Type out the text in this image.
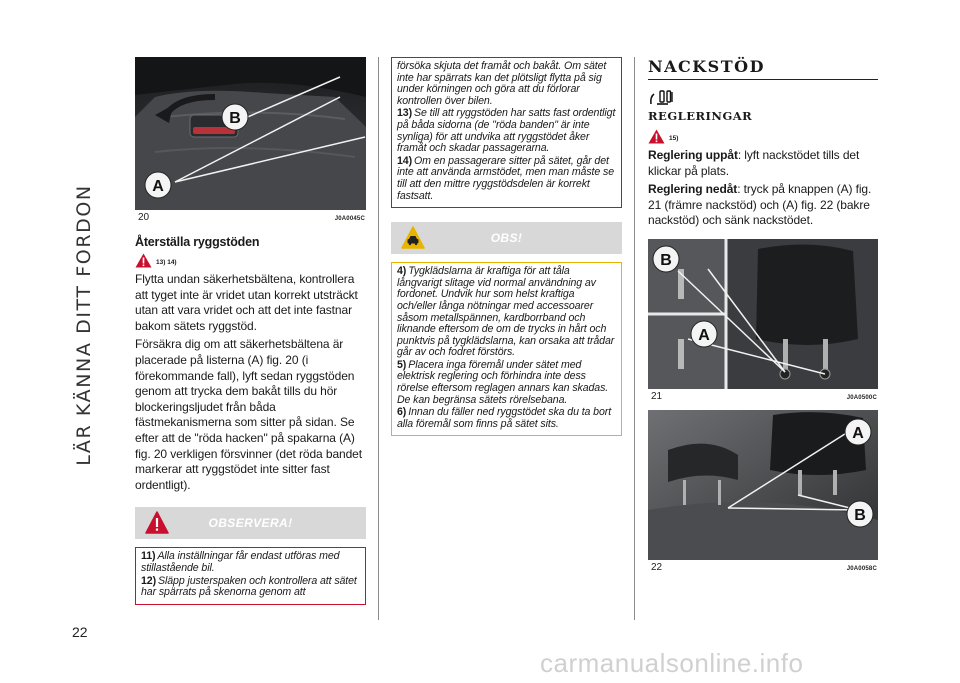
LÄR KÄNNA DITT FORDON
22
B
A
20	J0A0045C
Återställa ryggstöden
13) 14)

Flytta undan säkerhetsbältena, kontrollera att tyget inte är vridet utan korrekt utsträckt utan att vara vridet och att det inte fastnar bakom sätets ryggstöd.

Försäkra dig om att säkerhetsbältena är placerade på listerna (A) fig. 20 (i förekommande fall), lyft sedan ryggstöden genom att trycka dem bakåt tills du hör blockeringsljudet från båda fästmekanismerna som sitter på sidan. Se efter att de "röda hacken" på spakarna (A) fig. 20 verkligen försvinner (det röda bandet markerar att ryggstödet inte sitter fast ordentligt).

OBSERVERA!
11) Alla inställningar får endast utföras med stillastående bil.
12) Släpp justerspaken och kontrollera att sätet har spärrats på skenorna genom att
försöka skjuta det framåt och bakåt. Om sätet inte har spärrats kan det plötsligt flytta på sig under körningen och göra att du förlorar kontrollen över bilen.
13) Se till att ryggstöden har satts fast ordentligt på båda sidorna (de "röda banden" är inte synliga) för att undvika att ryggstödet åker framåt och skadar passagerarna.
14) Om en passagerare sitter på sätet, går det inte att använda armstödet, men man måste se till att den mittre ryggstödsdelen är korrekt fastsatt.
OBS!
4) Tygklädslarna är kraftiga för att tåla långvarigt slitage vid normal användning av fordonet. Undvik hur som helst kraftiga och/eller långa nötningar med accessoarer såsom metallspännen, kardborrband och liknande eftersom de om de trycks in hårt och punktvis på tygklädslarna, kan orsaka att trådar går av och fodret förstörs.
5) Placera inga föremål under sätet med elektrisk reglering och förhindra inte dess rörelse eftersom reglagen annars kan skadas. De kan begränsa sätets rörelsebana.
6) Innan du fäller ned ryggstödet ska du ta bort alla föremål som finns på sätet sits.
NACKSTÖD
REGLERINGAR
15)

Reglering uppåt: lyft nackstödet tills det klickar på plats.

Reglering nedåt: tryck på knappen (A) fig. 21 (främre nackstöd) och (A) fig. 22 (bakre nackstöd) och sänk nackstödet.

B
A
21	J0A0500C
A
B
22	J0A0058C
carmanualsonline.info
